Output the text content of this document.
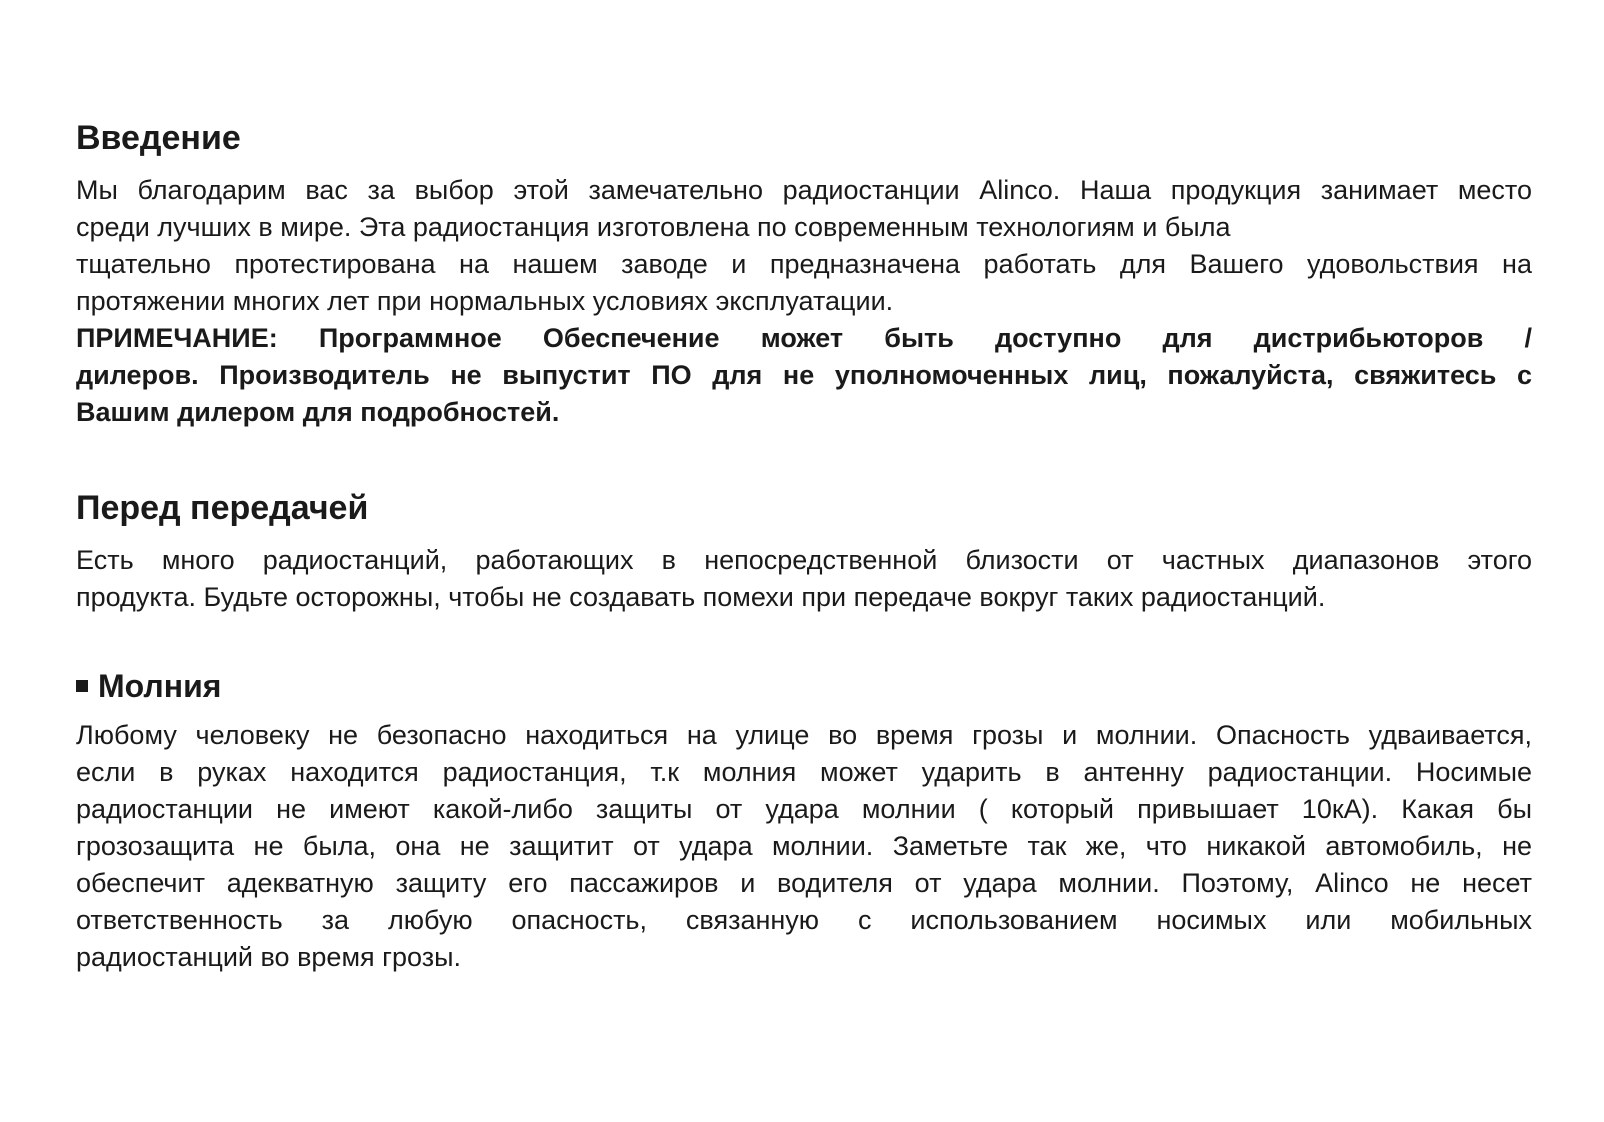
Введение
Мы благодарим вас за выбор этой замечательно радиостанции Alinco. Наша продукция занимает место
среди лучших в мире. Эта радиостанция изготовлена по современным технологиям и была
тщательно протестирована на нашем заводе и предназначена работать для Вашего удовольствия на
протяжении многих лет при нормальных условиях эксплуатации.
ПРИМЕЧАНИЕ: Программное Обеспечение может быть доступно для дистрибьюторов /
дилеров. Производитель не выпустит ПО для не уполномоченных лиц, пожалуйста, свяжитесь с
Вашим дилером для подробностей.
Перед передачей
Есть много радиостанций, работающих в непосредственной близости от частных диапазонов этого
продукта. Будьте осторожны, чтобы не создавать помехи при передаче вокруг таких радиостанций.
Молния
Любому человеку не безопасно находиться на улице во время грозы и молнии. Опасность удваивается,
если в руках находится радиостанция, т.к молния может ударить в антенну радиостанции. Носимые
радиостанции не имеют какой-либо защиты от удара молнии ( который привышает 10кА). Какая бы
грозозащита не была, она не защитит от удара молнии. Заметьте так же, что никакой автомобиль, не
обеспечит адекватную защиту его пассажиров и водителя от удара молнии. Поэтому, Alinco не несет
ответственность за любую опасность, связанную с использованием носимых или мобильных
радиостанций во время грозы.
